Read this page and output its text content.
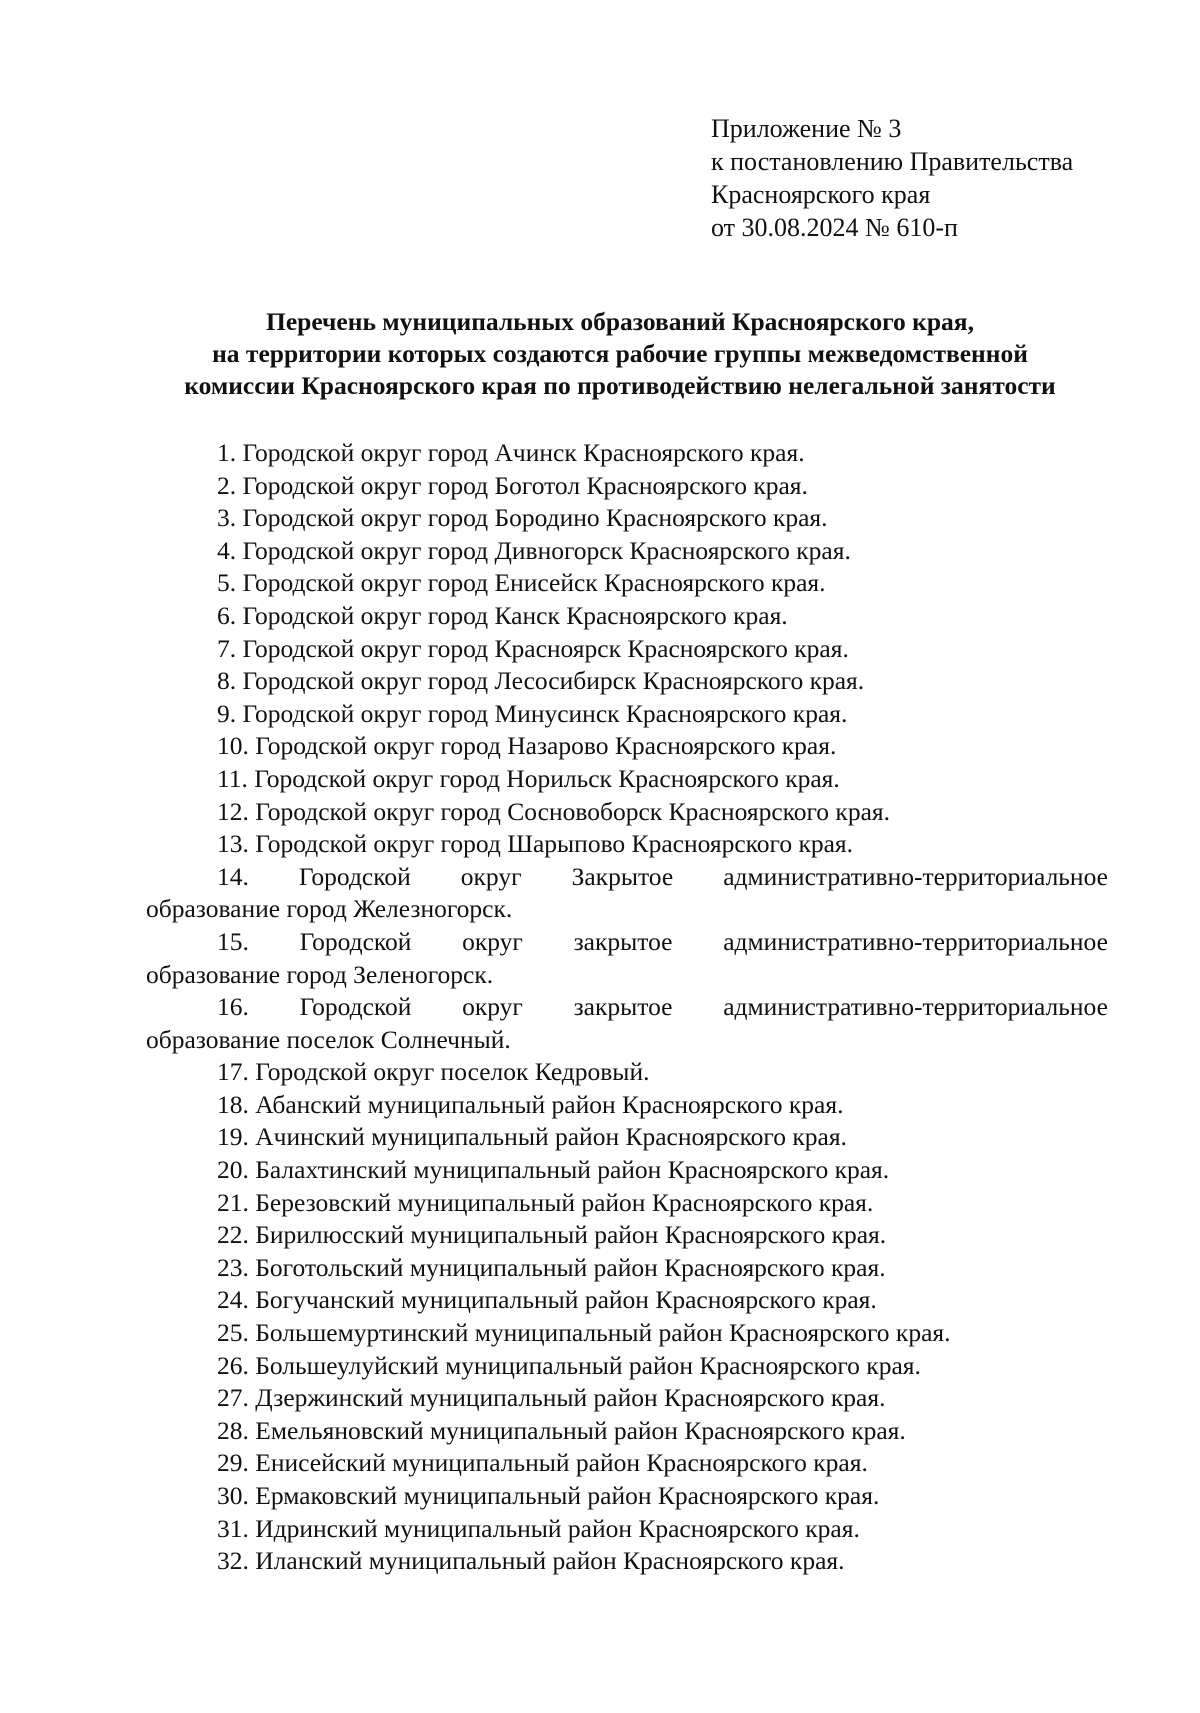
Приложение № 3
к постановлению Правительства
Красноярского края
от 30.08.2024 № 610-п
Перечень муниципальных образований Красноярского края,
на территории которых создаются рабочие группы межведомственной
комиссии Красноярского края по противодействию нелегальной занятости
1. Городской округ город Ачинск Красноярского края.
2. Городской округ город Боготол Красноярского края.
3. Городской округ город Бородино Красноярского края.
4. Городской округ город Дивногорск Красноярского края.
5. Городской округ город Енисейск Красноярского края.
6. Городской округ город Канск Красноярского края.
7. Городской округ город Красноярск Красноярского края.
8. Городской округ город Лесосибирск Красноярского края.
9. Городской округ город Минусинск Красноярского края.
10. Городской округ город Назарово Красноярского края.
11. Городской округ город Норильск Красноярского края.
12. Городской округ город Сосновоборск Красноярского края.
13. Городской округ город Шарыпово Красноярского края.
14. Городской округ Закрытое административно-территориальное
образование город Железногорск.
15. Городской округ закрытое административно-территориальное
образование город Зеленогорск.
16. Городской округ закрытое административно-территориальное
образование поселок Солнечный.
17. Городской округ поселок Кедровый.
18. Абанский муниципальный район Красноярского края.
19. Ачинский муниципальный район Красноярского края.
20. Балахтинский муниципальный район Красноярского края.
21. Березовский муниципальный район Красноярского края.
22. Бирилюсский муниципальный район Красноярского края.
23. Боготольский муниципальный район Красноярского края.
24. Богучанский муниципальный район Красноярского края.
25. Большемуртинский муниципальный район Красноярского края.
26. Большеулуйский муниципальный район Красноярского края.
27. Дзержинский муниципальный район Красноярского края.
28. Емельяновский муниципальный район Красноярского края.
29. Енисейский муниципальный район Красноярского края.
30. Ермаковский муниципальный район Красноярского края.
31. Идринский муниципальный район Красноярского края.
32. Иланский муниципальный район Красноярского края.
